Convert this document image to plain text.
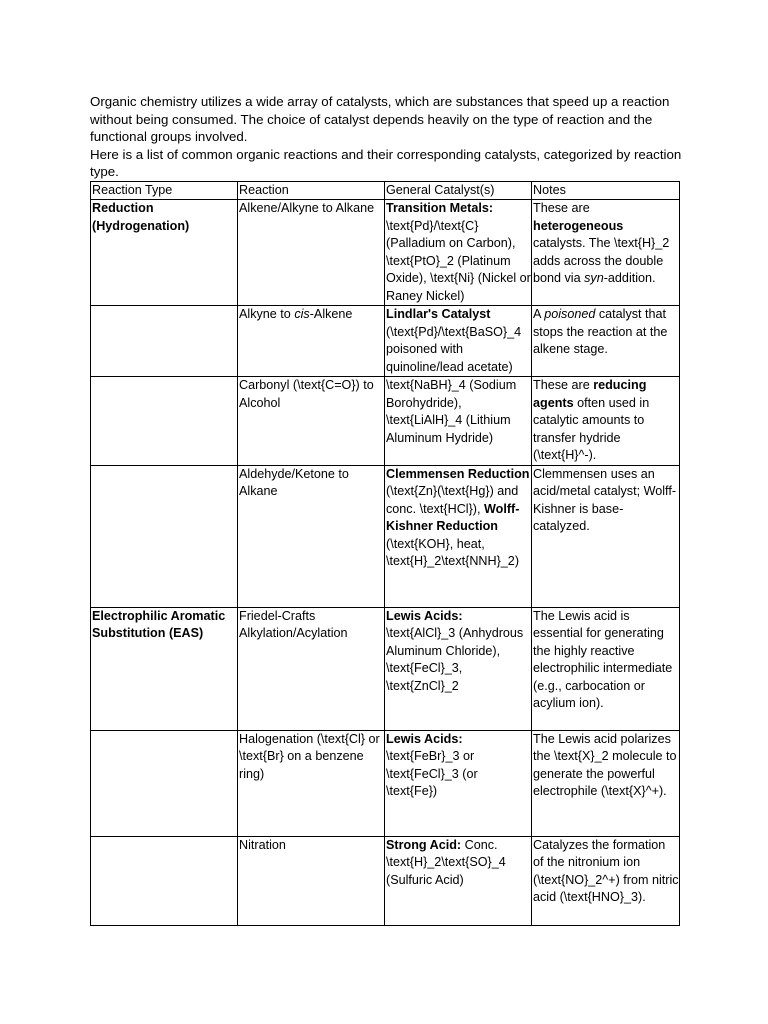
Organic chemistry utilizes a wide array of catalysts, which are substances that speed up a reaction without being consumed. The choice of catalyst depends heavily on the type of reaction and the functional groups involved.

Here is a list of common organic reactions and their corresponding catalysts, categorized by reaction type.

Reaction Type	Reaction	General Catalyst(s)	Notes
Reduction (Hydrogenation)	Alkene/Alkyne to Alkane	Transition Metals: \text{Pd}/\text{C} (Palladium on Carbon), \text{PtO}_2 (Platinum Oxide), \text{Ni} (Nickel or Raney Nickel)	These are heterogeneous catalysts. The \text{H}_2 adds across the double bond via syn-addition.
	Alkyne to cis-Alkene	Lindlar's Catalyst (\text{Pd}/\text{BaSO}_4 poisoned with quinoline/lead acetate)	A poisoned catalyst that stops the reaction at the alkene stage.
	Carbonyl (\text{C=O}) to Alcohol	\text{NaBH}_4 (Sodium Borohydride), \text{LiAlH}_4 (Lithium Aluminum Hydride)	These are reducing agents often used in catalytic amounts to transfer hydride (\text{H}^-).
	Aldehyde/Ketone to Alkane	Clemmensen Reduction (\text{Zn}(\text{Hg}) and conc. \text{HCl}), Wolff-Kishner Reduction (\text{KOH}, heat, \text{H}_2\text{NNH}_2)	Clemmensen uses an acid/metal catalyst; Wolff-Kishner is base-catalyzed.
Electrophilic Aromatic Substitution (EAS)	Friedel-Crafts Alkylation/Acylation	Lewis Acids: \text{AlCl}_3 (Anhydrous Aluminum Chloride), \text{FeCl}_3, \text{ZnCl}_2	The Lewis acid is essential for generating the highly reactive electrophilic intermediate (e.g., carbocation or acylium ion).
	Halogenation (\text{Cl} or \text{Br} on a benzene ring)	Lewis Acids: \text{FeBr}_3 or \text{FeCl}_3 (or \text{Fe})	The Lewis acid polarizes the \text{X}_2 molecule to generate the powerful electrophile (\text{X}^+).
	Nitration	Strong Acid: Conc. \text{H}_2\text{SO}_4 (Sulfuric Acid)	Catalyzes the formation of the nitronium ion (\text{NO}_2^+) from nitric acid (\text{HNO}_3).
